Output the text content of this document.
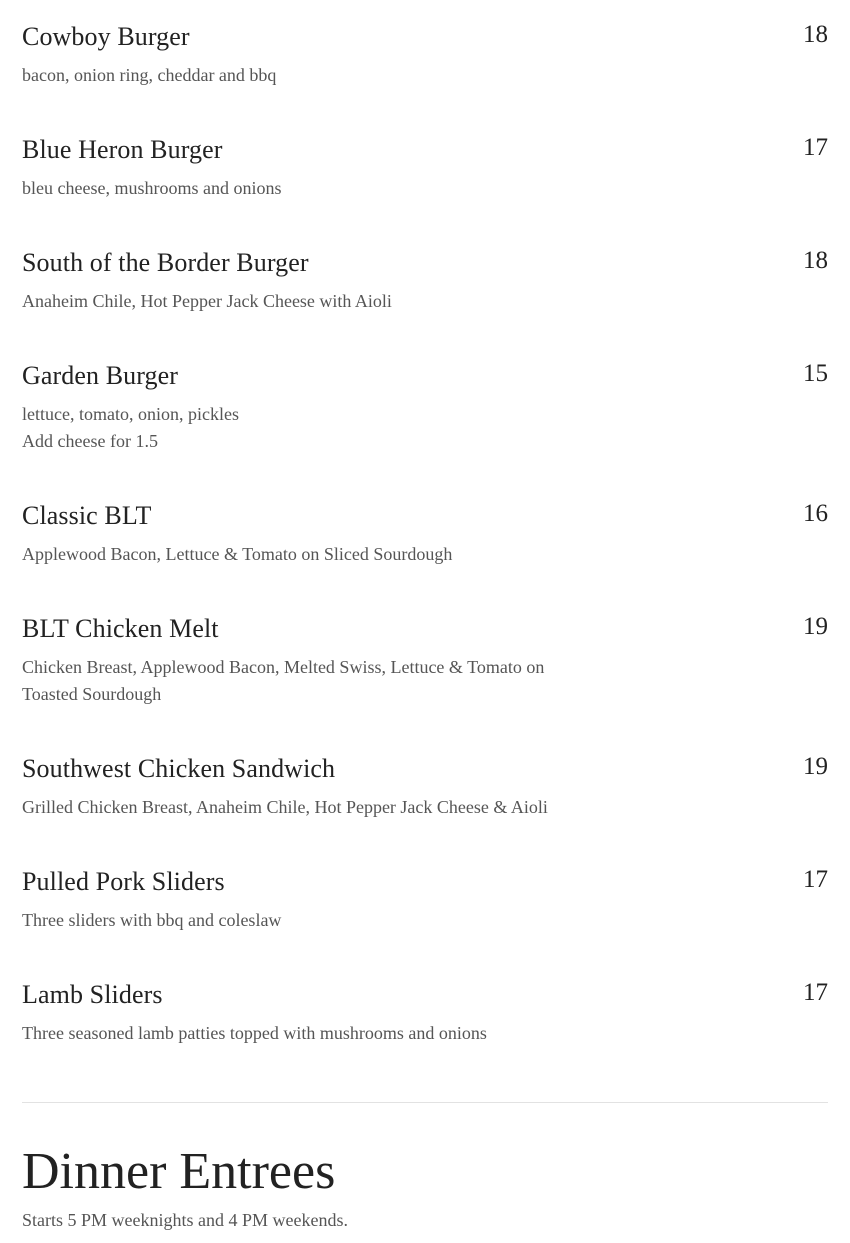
Cowboy Burger	18
bacon, onion ring, cheddar and bbq
Blue Heron Burger	17
bleu cheese, mushrooms and onions
South of the Border Burger	18
Anaheim Chile, Hot Pepper Jack Cheese with Aioli
Garden Burger	15
lettuce, tomato, onion, pickles
Add cheese for 1.5
Classic BLT	16
Applewood Bacon, Lettuce & Tomato on Sliced Sourdough
BLT Chicken Melt	19
Chicken Breast, Applewood Bacon, Melted Swiss, Lettuce & Tomato on
Toasted Sourdough
Southwest Chicken Sandwich	19
Grilled Chicken Breast, Anaheim Chile, Hot Pepper Jack Cheese & Aioli
Pulled Pork Sliders	17
Three sliders with bbq and coleslaw
Lamb Sliders	17
Three seasoned lamb patties topped with mushrooms and onions
Dinner Entrees
Starts 5 PM weeknights and 4 PM weekends.
